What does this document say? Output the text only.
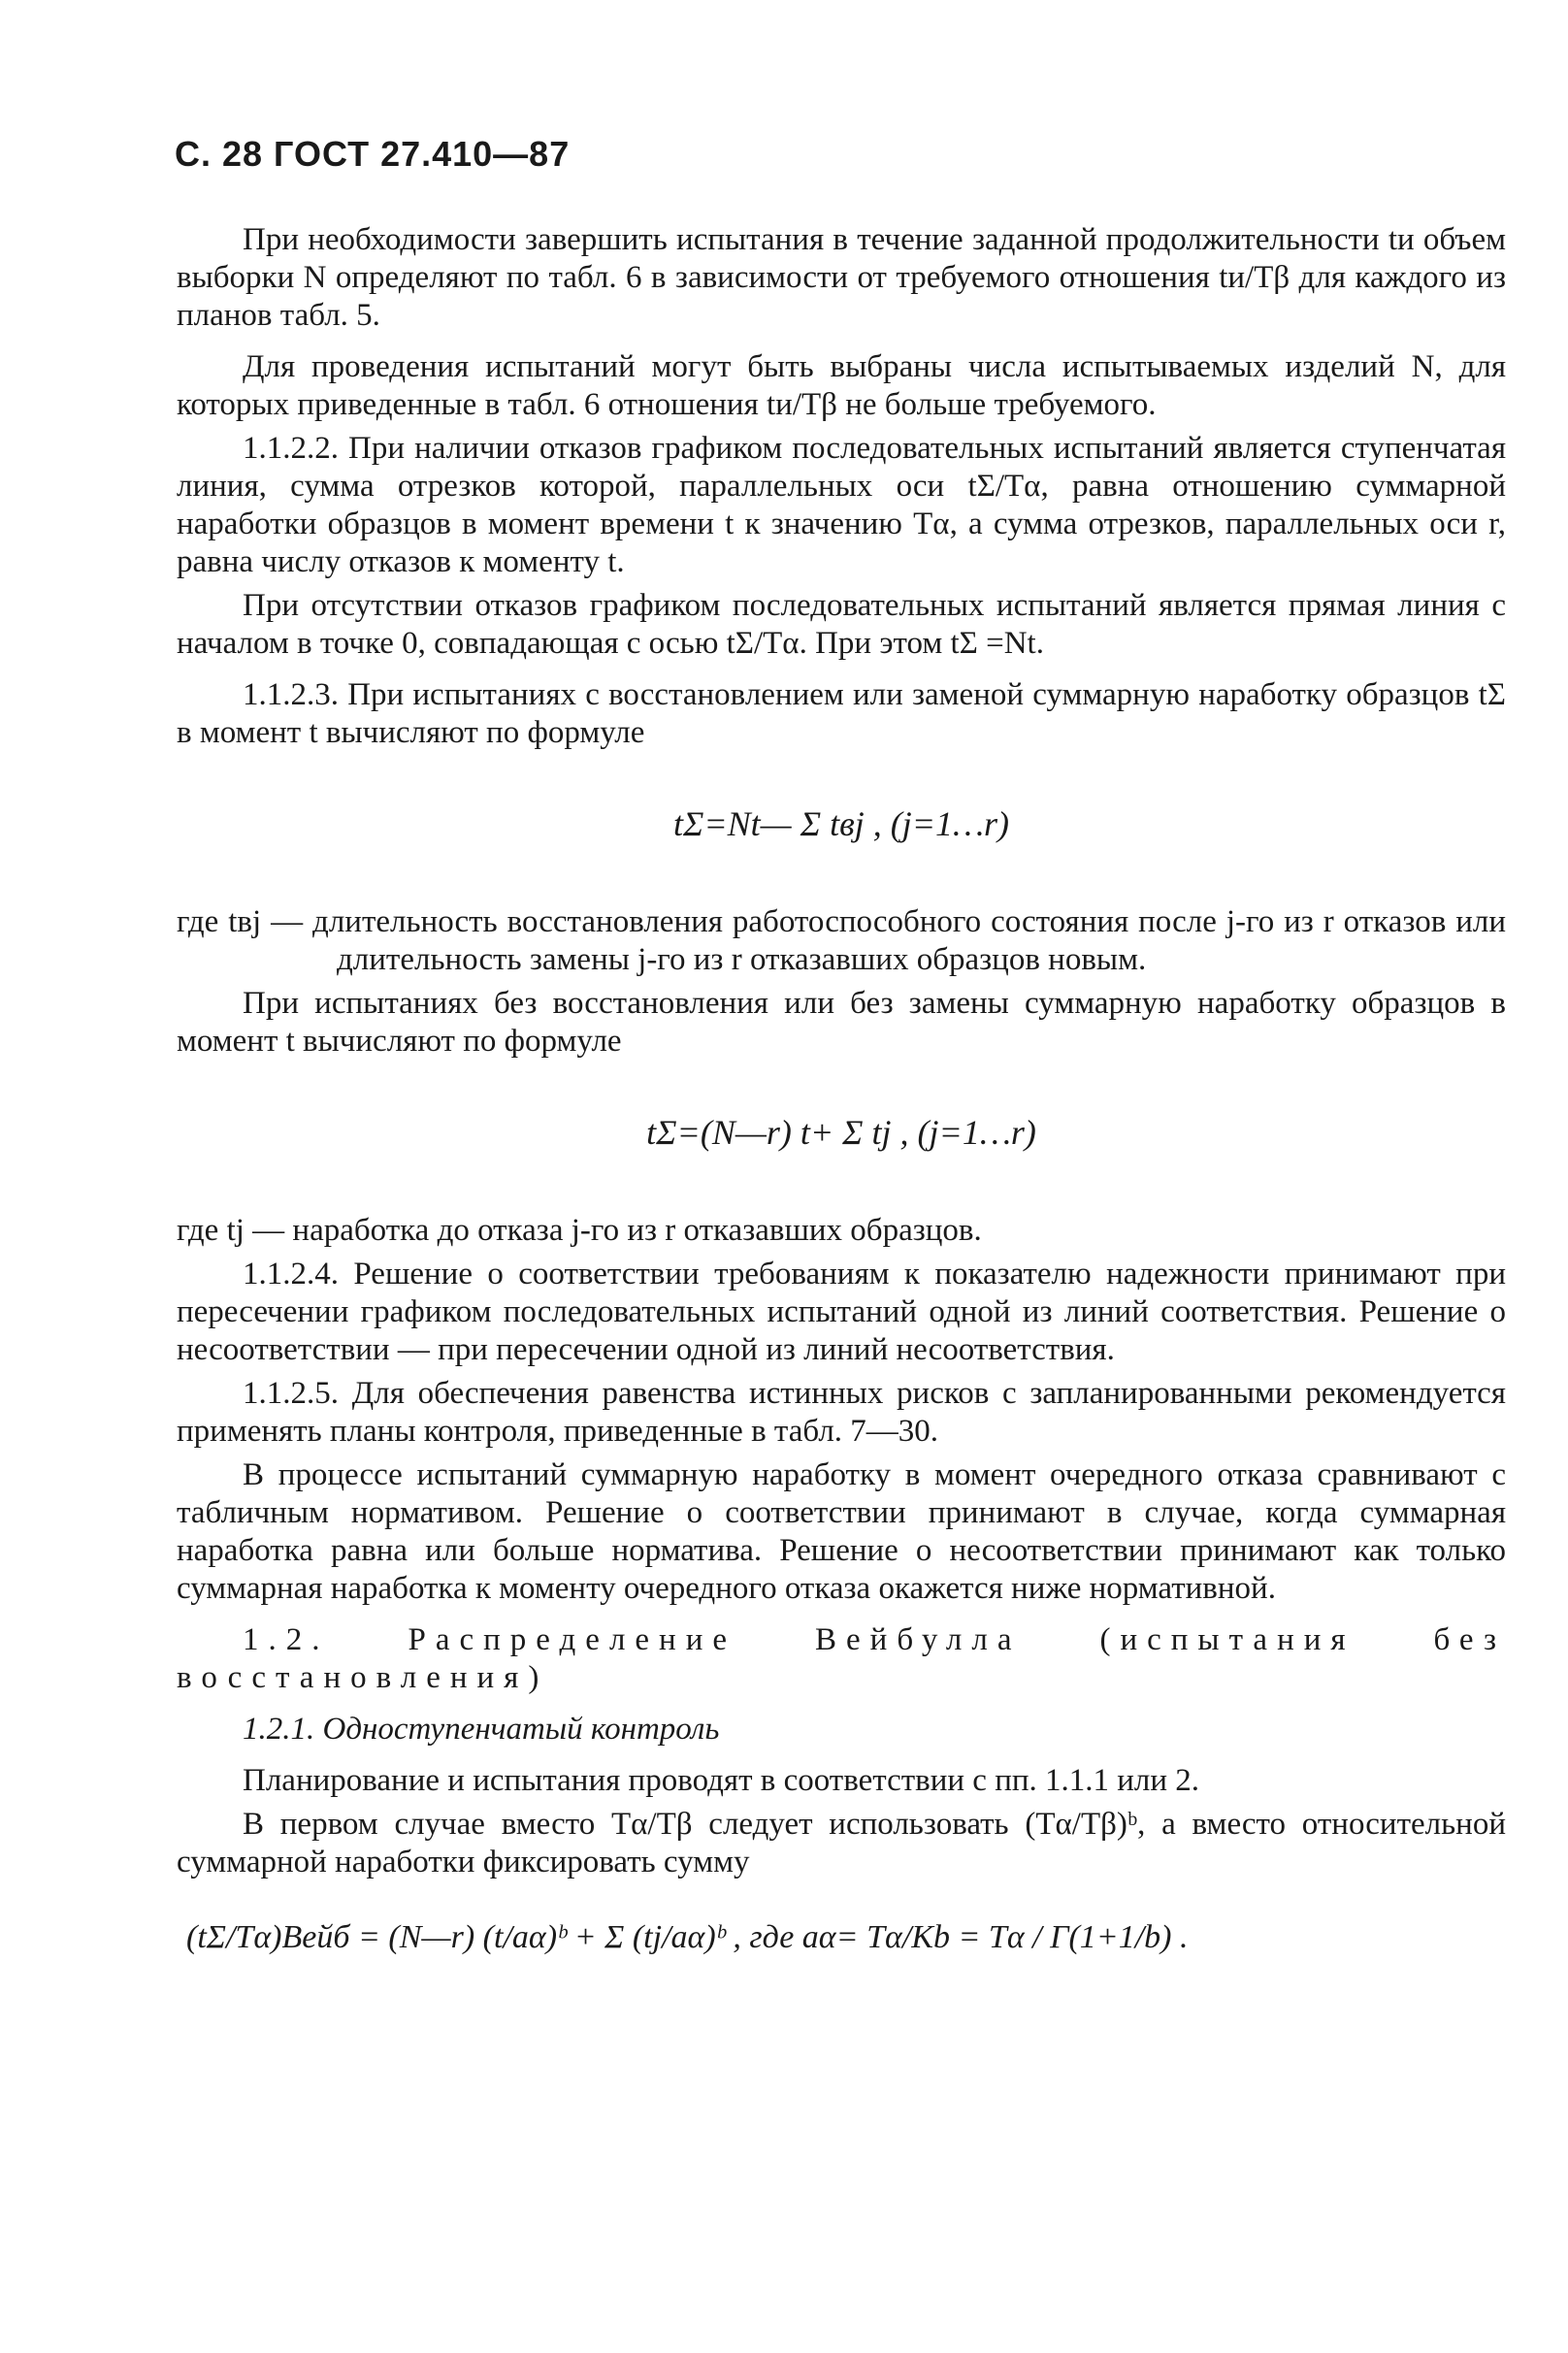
С. 28 ГОСТ 27.410—87

При необходимости завершить испытания в течение заданной продолжительности tи объем выборки N определяют по табл. 6 в зависимости от требуемого отношения tи/Tβ для каждого из планов табл. 5.

Для проведения испытаний могут быть выбраны числа испытываемых изделий N, для которых приведенные в табл. 6 отношения tи/Tβ не больше требуемого.

1.1.2.2. При наличии отказов графиком последовательных испытаний является ступенчатая линия, сумма отрезков которой, параллельных оси tΣ/Tα, равна отношению суммарной наработки образцов в момент времени t к значению Tα, а сумма отрезков, параллельных оси r, равна числу отказов к моменту t.

При отсутствии отказов графиком последовательных испытаний является прямая линия с началом в точке 0, совпадающая с осью tΣ/Tα. При этом tΣ =Nt.

1.1.2.3. При испытаниях с восстановлением или заменой суммарную наработку образцов tΣ в момент t вычисляют по формуле

tΣ=Nt— Σ tвj , (j=1…r)

где tвj — длительность восстановления работоспособного состояния после j-го из r отказов или длительность замены j-го из r отказавших образцов новым.

При испытаниях без восстановления или без замены суммарную наработку образцов в момент t вычисляют по формуле

tΣ=(N—r) t+ Σ tj , (j=1…r)

где tj — наработка до отказа j-го из r отказавших образцов.

1.1.2.4. Решение о соответствии требованиям к показателю надежности принимают при пересечении графиком последовательных испытаний одной из линий соответствия. Решение о несоответствии — при пересечении одной из линий несоответствия.

1.1.2.5. Для обеспечения равенства истинных рисков с запланированными рекомендуется применять планы контроля, приведенные в табл. 7—30.

В процессе испытаний суммарную наработку в момент очередного отказа сравнивают с табличным нормативом. Решение о соответствии принимают в случае, когда суммарная наработка равна или больше норматива. Решение о несоответствии принимают как только суммарная наработка к моменту очередного отказа окажется ниже нормативной.

1.2. Распределение Вейбулла (испытания без восстановления)

1.2.1. Одноступенчатый контроль

Планирование и испытания проводят в соответствии с пп. 1.1.1 или 2.

В первом случае вместо Tα/Tβ следует использовать (Tα/Tβ)ᵇ, а вместо относительной суммарной наработки фиксировать сумму

(tΣ/Tα)Вейб = (N—r) (t/aα)ᵇ + Σ (tj/aα)ᵇ , где aα= Tα/Kb = Tα / Γ(1+1/b) .
